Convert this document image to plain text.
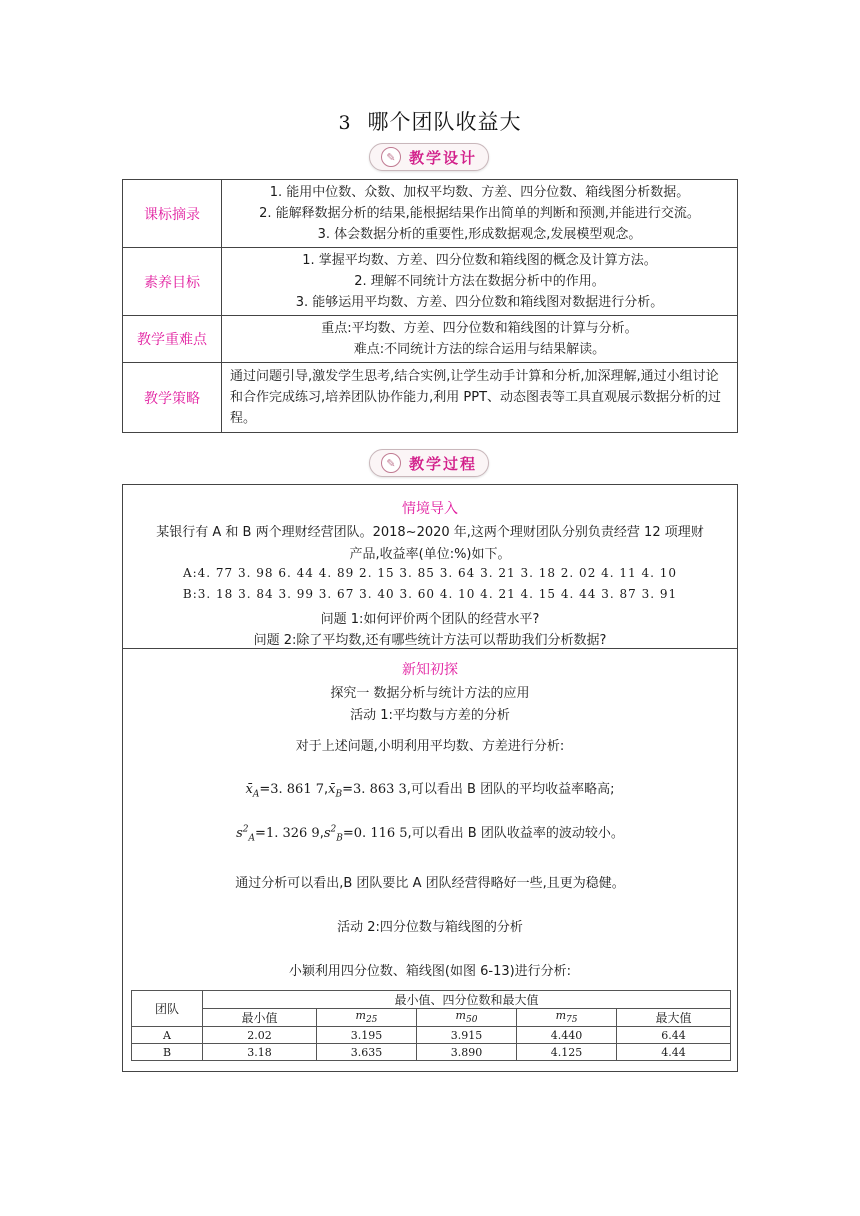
3 哪个团队收益大
✎ 教学设计
课标摘录	1. 能用中位数、众数、加权平均数、方差、四分位数、箱线图分析数据。
2. 能解释数据分析的结果,能根据结果作出简单的判断和预测,并能进行交流。
3. 体会数据分析的重要性,形成数据观念,发展模型观念。

素养目标	1. 掌握平均数、方差、四分位数和箱线图的概念及计算方法。
2. 理解不同统计方法在数据分析中的作用。
3. 能够运用平均数、方差、四分位数和箱线图对数据进行分析。

教学重难点	重点:平均数、方差、四分位数和箱线图的计算与分析。
难点:不同统计方法的综合运用与结果解读。

教学策略	通过问题引导,激发学生思考,结合实例,让学生动手计算和分析,加深理解,通过小组讨论和合作完成练习,培养团队协作能力,利用 PPT、动态图表等工具直观展示数据分析的过程。
✎ 教学过程
情境导入
某银行有 A 和 B 两个理财经营团队。2018~2020 年,这两个理财团队分别负责经营 12 项理财
产品,收益率(单位:%)如下。
A:4. 77 3. 98 6. 44 4. 89 2. 15 3. 85 3. 64 3. 21 3. 18 2. 02 4. 11 4. 10
B:3. 18 3. 84 3. 99 3. 67 3. 40 3. 60 4. 10 4. 21 4. 15 4. 44 3. 87 3. 91
问题 1:如何评价两个团队的经营水平?
问题 2:除了平均数,还有哪些统计方法可以帮助我们分析数据?
新知初探
探究一 数据分析与统计方法的应用
活动 1:平均数与方差的分析
对于上述问题,小明利用平均数、方差进行分析:
$x̄_A=3$. 861 $7,x̄_B=3$. 863 3,可以看出 B 团队的平均收益率略高;
$s^2_A=1$. 326 $9,s^2_B=0$. 116 5,可以看出 B 团队收益率的波动较小。
通过分析可以看出,B 团队要比 A 团队经营得略好一些,且更为稳健。
活动 2:四分位数与箱线图的分析
小颖利用四分位数、箱线图(如图 6-13)进行分析:
团队	最小值、四分位数和最大值				
	最小值	$m_{25}$	$m_{50}$	$m_{75}$	最大值
A	2.02	3.195	3.915	4.440	6.44
B	3.18	3.635	3.890	4.125	4.44
